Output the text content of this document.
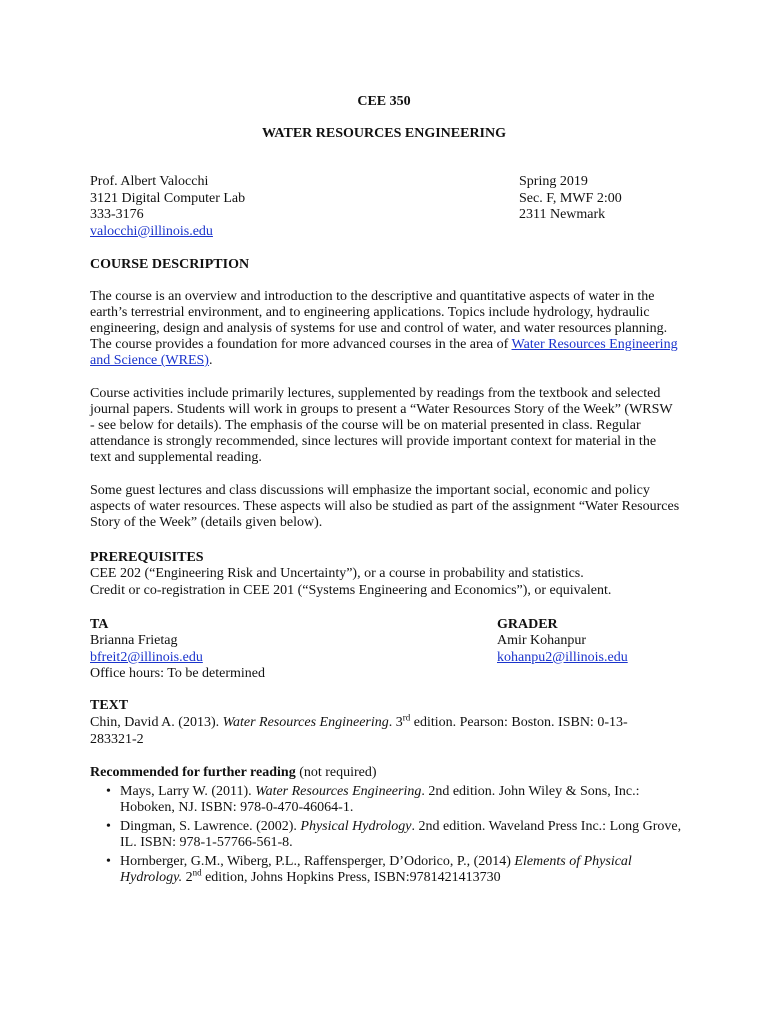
CEE 350
WATER RESOURCES ENGINEERING

Prof. Albert Valocchi

3121 Digital Computer Lab

333-3176

valocchi@illinois.edu

Spring 2019

Sec. F, MWF 2:00

2311 Newmark

COURSE DESCRIPTION

The course is an overview and introduction to the descriptive and quantitative aspects of water in the earth’s terrestrial environment, and to engineering applications. Topics include hydrology, hydraulic engineering, design and analysis of systems for use and control of water, and water resources planning. The course provides a foundation for more advanced courses in the area of Water Resources Engineering and Science (WRES).

Course activities include primarily lectures, supplemented by readings from the textbook and selected journal papers. Students will work in groups to present a “Water Resources Story of the Week” (WRSW - see below for details). The emphasis of the course will be on material presented in class. Regular attendance is strongly recommended, since lectures will provide important context for material in the text and supplemental reading.

Some guest lectures and class discussions will emphasize the important social, economic and policy aspects of water resources. These aspects will also be studied as part of the assignment “Water Resources Story of the Week” (details given below).

PREREQUISITES

CEE 202 (“Engineering Risk and Uncertainty”), or a course in probability and statistics.

Credit or co-registration in CEE 201 (“Systems Engineering and Economics”), or equivalent.

TA

Brianna Frietag

bfreit2@illinois.edu

Office hours: To be determined

GRADER

Amir Kohanpur

kohanpu2@illinois.edu

TEXT

Chin, David A. (2013). Water Resources Engineering. 3rd edition. Pearson: Boston. ISBN: 0-13-283321-2

Recommended for further reading (not required)

• Mays, Larry W. (2011). Water Resources Engineering. 2nd edition. John Wiley & Sons, Inc.: Hoboken, NJ. ISBN: 978-0-470-46064-1.
• Dingman, S. Lawrence. (2002). Physical Hydrology. 2nd edition. Waveland Press Inc.: Long Grove, IL. ISBN: 978-1-57766-561-8.
• Hornberger, G.M., Wiberg, P.L., Raffensperger, D’Odorico, P., (2014) Elements of Physical Hydrology. 2nd edition, Johns Hopkins Press, ISBN:9781421413730
